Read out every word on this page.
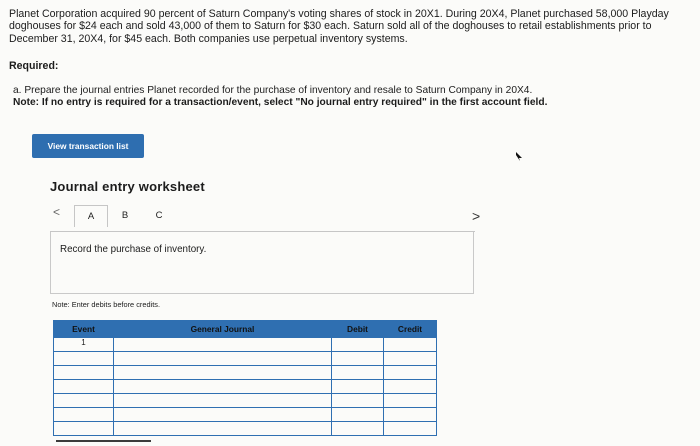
Planet Corporation acquired 90 percent of Saturn Company's voting shares of stock in 20X1. During 20X4, Planet purchased 58,000 Playday doghouses for $24 each and sold 43,000 of them to Saturn for $30 each. Saturn sold all of the doghouses to retail establishments prior to December 31, 20X4, for $45 each. Both companies use perpetual inventory systems.
Required:
a. Prepare the journal entries Planet recorded for the purchase of inventory and resale to Saturn Company in 20X4.
Note: If no entry is required for a transaction/event, select "No journal entry required" in the first account field.
View transaction list
Journal entry worksheet
<	A	B	C	>
Record the purchase of inventory.
Note: Enter debits before credits.
Event	General Journal	Debit	Credit
1			
